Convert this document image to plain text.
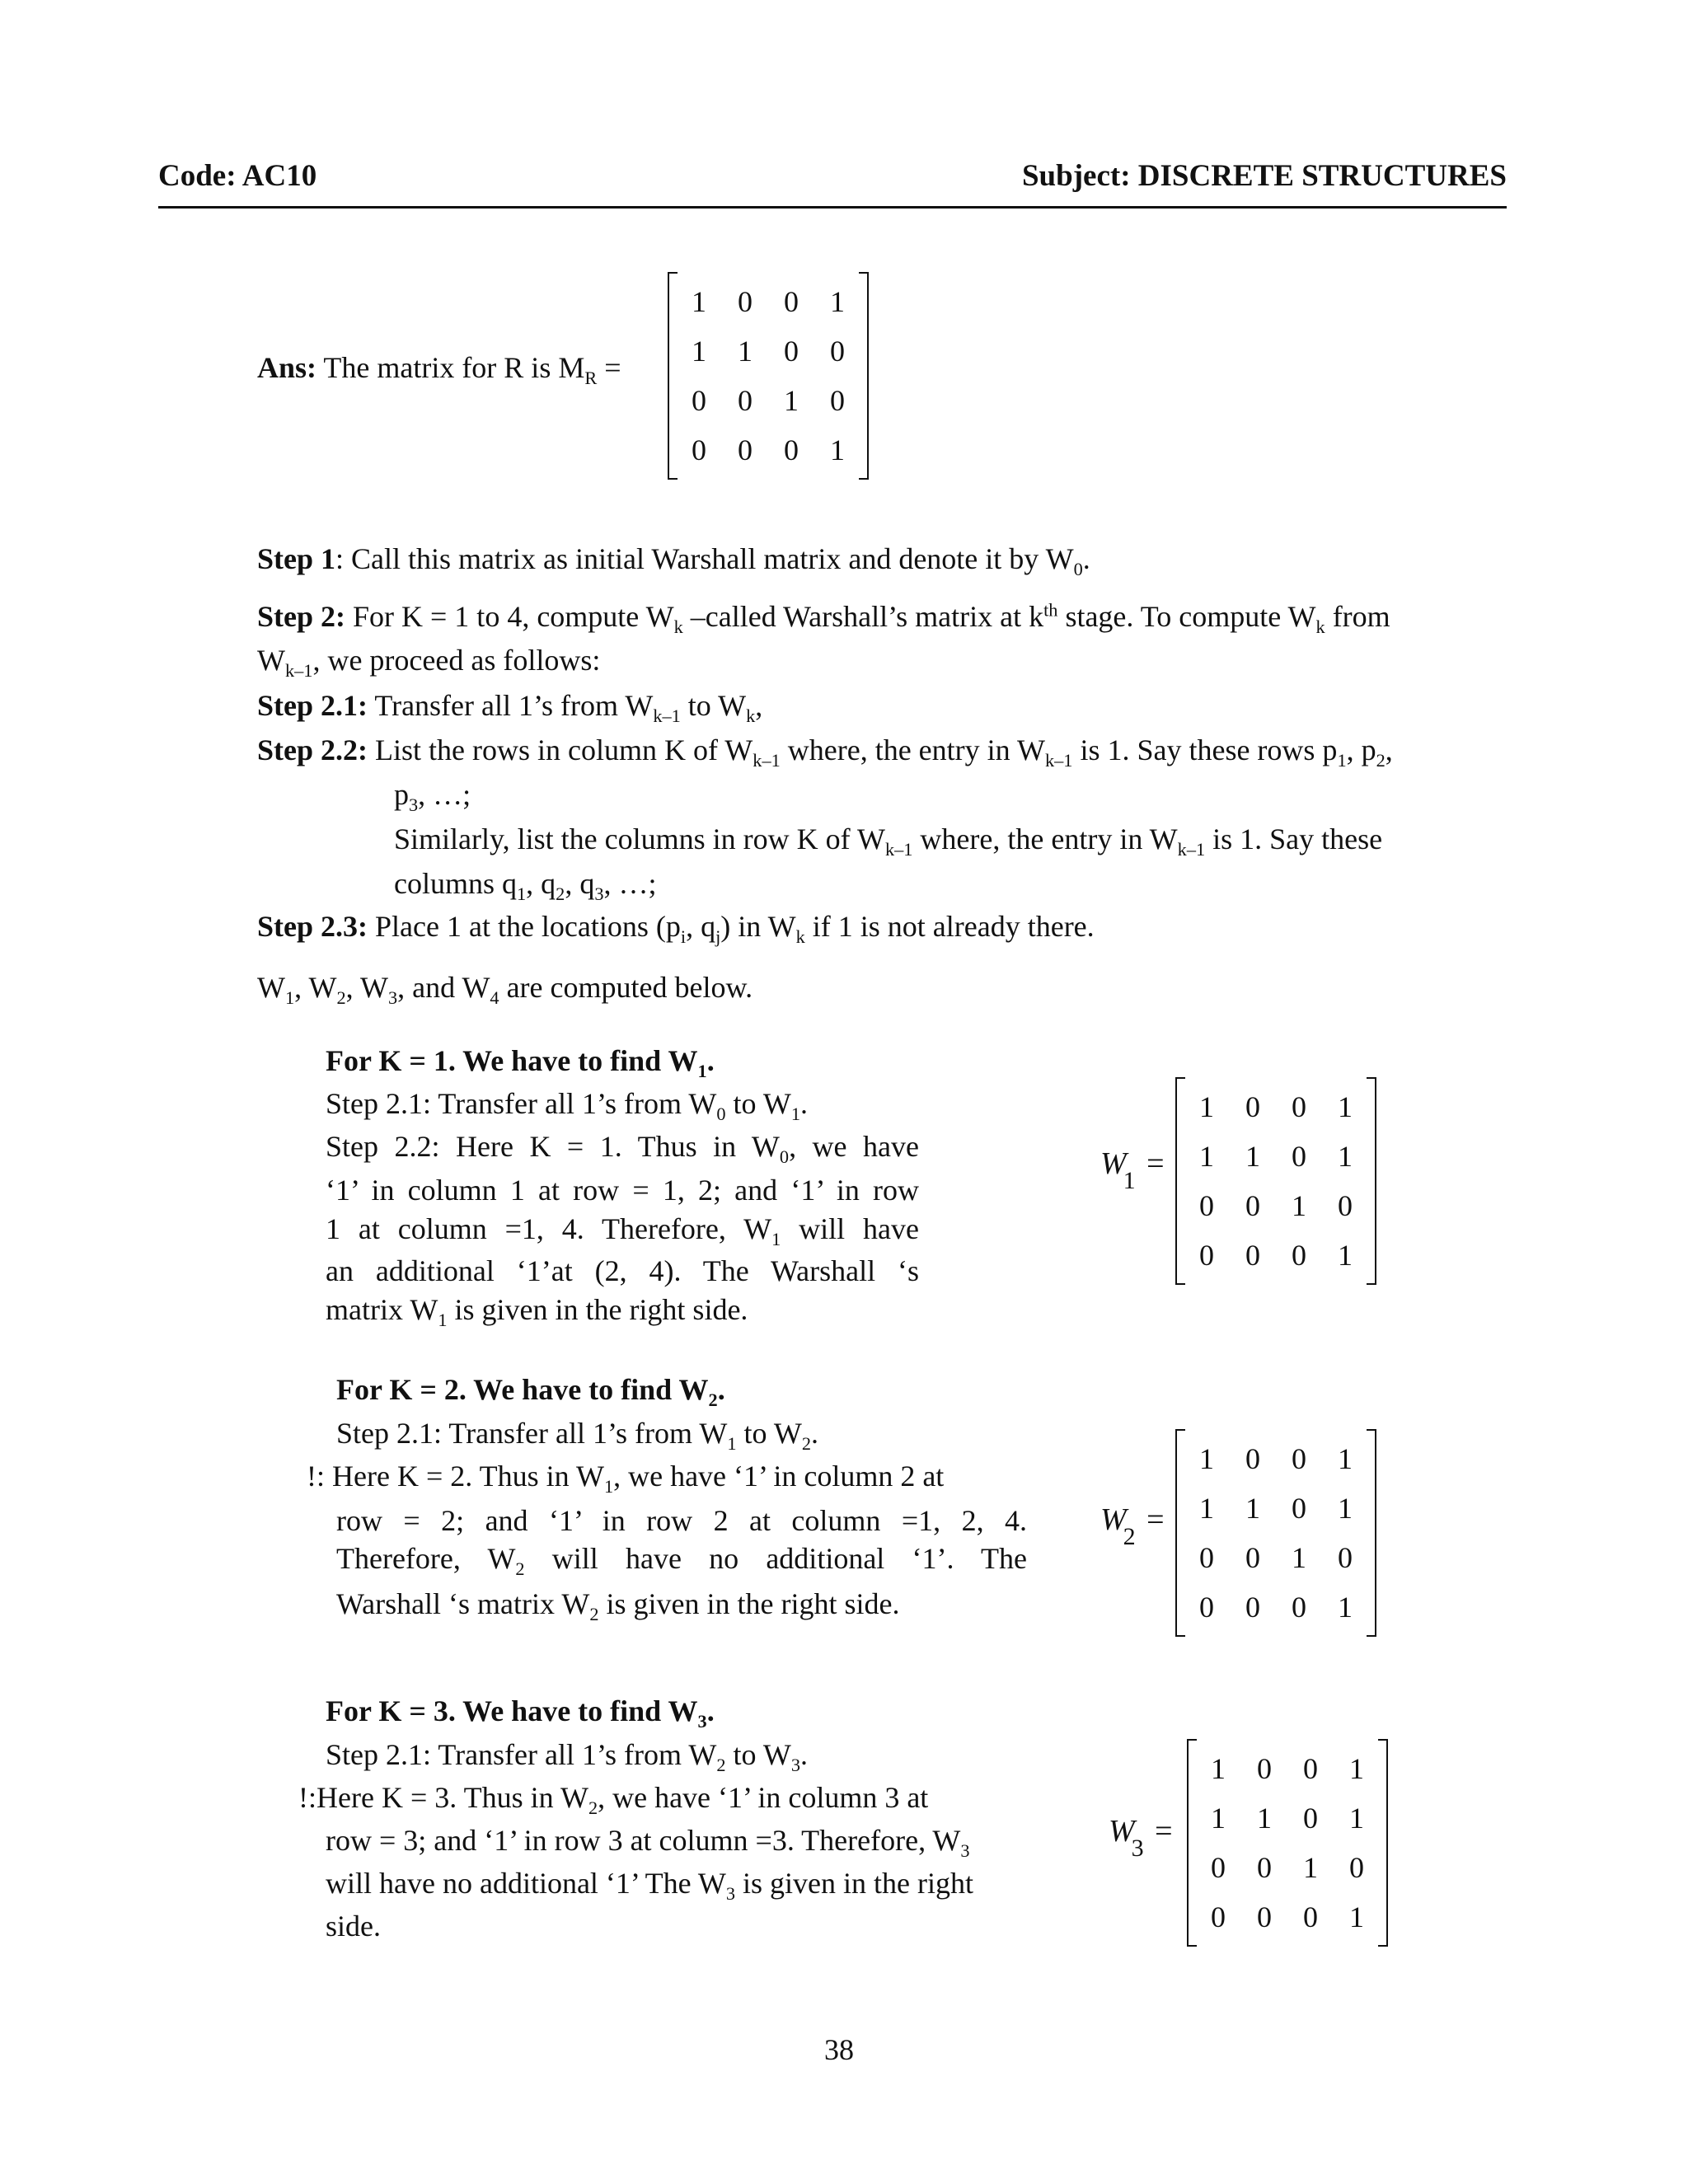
Code: AC10	Subject: DISCRETE STRUCTURES
Ans: The matrix for R is $M_R$ =
1	0	0	1
1	1	0	0
0	0	1	0
0	0	0	1
Step 1: Call this matrix as initial Warshall matrix and denote it by $W_0$.
Step 2: For K = 1 to 4, compute $W_k$ –called Warshall’s matrix at $k^{th}$ stage. To compute $W_k$ from
$W_{k-1}$, we proceed as follows:
Step 2.1: Transfer all 1’s from $W_{k-1}$ to $W_k$,
Step 2.2: List the rows in column K of $W_{k-1}$ where, the entry in $W_{k-1}$ is 1. Say these rows $p_1$, $p_2$,
$p_3$, …;
Similarly, list the columns in row K of $W_{k-1}$ where, the entry in $W_{k-1}$ is 1. Say these
columns $q_1$, $q_2$, $q_3$, …;
Step 2.3: Place 1 at the locations ($p_i$, $q_j$) in $W_k$ if 1 is not already there.
$W_1$, $W_2$, $W_3$, and $W_4$ are computed below.
For K = 1. We have to find $W_1$.
Step 2.1: Transfer all 1’s from $W_0$ to $W_1$.
Step 2.2: Here K = 1. Thus in $W_0$, we have
‘1’ in column 1 at row = 1, 2; and ‘1’ in row
1 at column =1, 4. Therefore, $W_1$ will have
an additional ‘1’at (2, 4). The Warshall ‘s
matrix $W_1$ is given in the right side.
$W_1$ =
1	0	0	1
1	1	0	1
0	0	1	0
0	0	0	1
For K = 2. We have to find $W_2$.
Step 2.1: Transfer all 1’s from $W_1$ to $W_2$.
!: Here K = 2. Thus in $W_1$, we have ‘1’ in column 2 at
row = 2; and ‘1’ in row 2 at column =1, 2, 4.
Therefore, $W_2$ will have no additional ‘1’. The
Warshall ‘s matrix $W_2$ is given in the right side.
$W_2$ =
1	0	0	1
1	1	0	1
0	0	1	0
0	0	0	1
For K = 3. We have to find $W_3$.
Step 2.1: Transfer all 1’s from $W_2$ to $W_3$.
!:Here K = 3. Thus in $W_2$, we have ‘1’ in column 3 at
row = 3; and ‘1’ in row 3 at column =3. Therefore, $W_3$
will have no additional ‘1’ The $W_3$ is given in the right
side.
$W_3$ =
1	0	0	1
1	1	0	1
0	0	1	0
0	0	0	1
38
